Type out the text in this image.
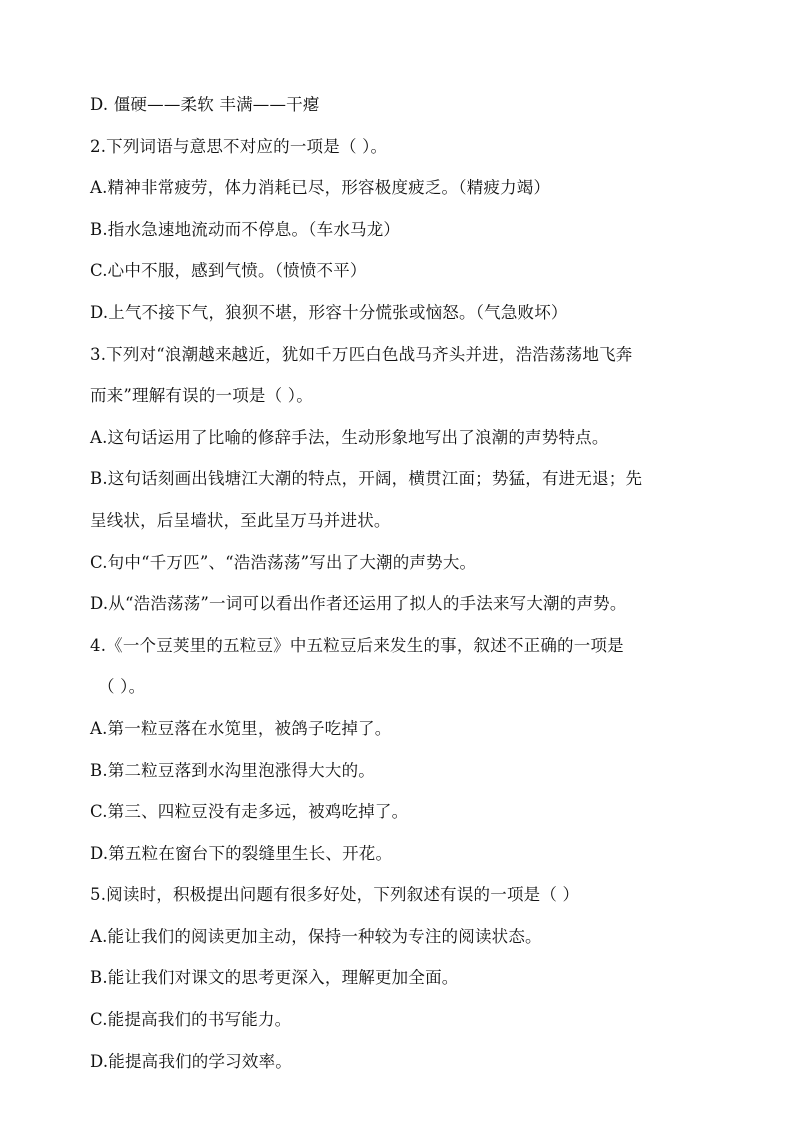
D. 僵硬——柔软 丰满——干瘪
2.下列词语与意思不对应的一项是（ ）。
A.精神非常疲劳，体力消耗已尽，形容极度疲乏。（精疲力竭）
B.指水急速地流动而不停息。（车水马龙）
C.心中不服，感到气愤。（愤愤不平）
D.上气不接下气，狼狈不堪，形容十分慌张或恼怒。（气急败坏）
3.下列对“浪潮越来越近，犹如千万匹白色战马齐头并进，浩浩荡荡地飞奔
而来”理解有误的一项是（ ）。
A.这句话运用了比喻的修辞手法，生动形象地写出了浪潮的声势特点。
B.这句话刻画出钱塘江大潮的特点，开阔，横贯江面；势猛，有进无退；先
呈线状，后呈墙状，至此呈万马并进状。
C.句中“千万匹”、“浩浩荡荡”写出了大潮的声势大。
D.从“浩浩荡荡”一词可以看出作者还运用了拟人的手法来写大潮的声势。
4.《一个豆荚里的五粒豆》中五粒豆后来发生的事，叙述不正确的一项是
（ ）。
A.第一粒豆落在水笕里，被鸽子吃掉了。
B.第二粒豆落到水沟里泡涨得大大的。
C.第三、四粒豆没有走多远，被鸡吃掉了。
D.第五粒在窗台下的裂缝里生长、开花。
5.阅读时，积极提出问题有很多好处，下列叙述有误的一项是（ ）
A.能让我们的阅读更加主动，保持一种较为专注的阅读状态。
B.能让我们对课文的思考更深入，理解更加全面。
C.能提高我们的书写能力。
D.能提高我们的学习效率。
